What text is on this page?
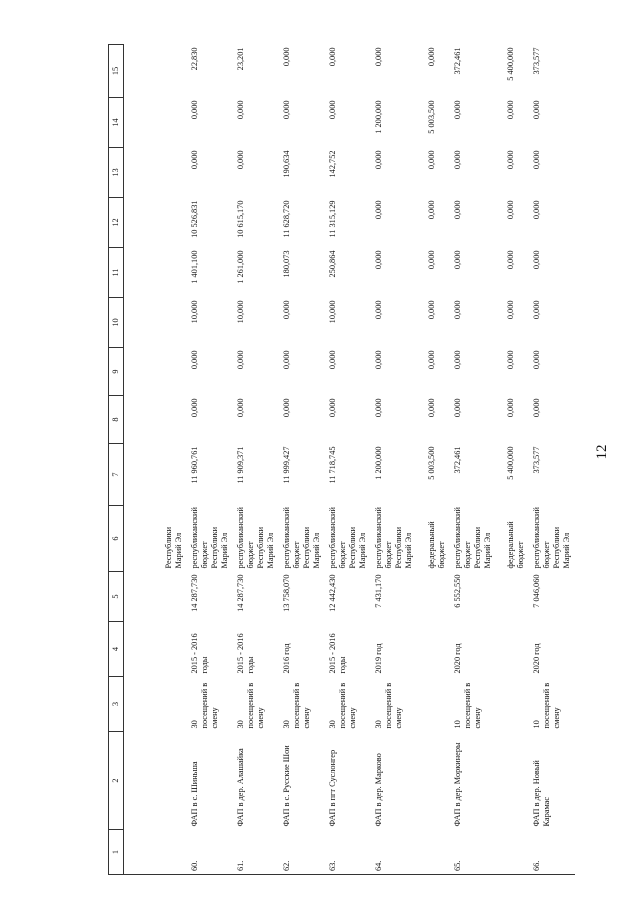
12
1	2	3	4	5	6	7	8	9	10	11	12	13	14	15
					Республики Марий Эл									
60.	ФАП в с. Шиньша	30 посещений в смену	2015 - 2016 годы	14 287,730	республиканский бюджет Республики Марий Эл	11 960,761	0,000	0,000	10,000	1 401,100	10 526,831	0,000	0,000	22,830
61.	ФАП в дер. Алашайка	30 посещений в смену	2015 - 2016 годы	14 287,730	республиканский бюджет Республики Марий Эл	11 909,371	0,000	0,000	10,000	1 261,000	10 615,170	0,000	0,000	23,201
62.	ФАП в с. Русские Шои	30 посещений в смену	2016 год	13 758,070	республиканский бюджет Республики Марий Эл	11 999,427	0,000	0,000	0,000	180,073	11 628,720	190,634	0,000	0,000
63.	ФАП в пгт Суслонгер	30 посещений в смену	2015 - 2016 годы	12 442,430	республиканский бюджет Республики Марий Эл	11 718,745	0,000	0,000	10,000	250,864	11 315,129	142,752	0,000	0,000
64.	ФАП в дер. Марково	30 посещений в смену	2019 год	7 431,170	республиканский бюджет Республики Марий Эл	1 200,000	0,000	0,000	0,000	0,000	0,000	0,000	1 200,000	0,000
					федеральный бюджет	5 003,500	0,000	0,000	0,000	0,000	0,000	0,000	5 003,500	0,000
65.	ФАП в дер. Моркинеры	10 посещений в смену	2020 год	6 552,550	республиканский бюджет Республики Марий Эл	372,461	0,000	0,000	0,000	0,000	0,000	0,000	0,000	372,461
					федеральный бюджет	5 400,000	0,000	0,000	0,000	0,000	0,000	0,000	0,000	5 400,000
66.	ФАП в дер. Новый Карамас	10 посещений в смену	2020 год	7 046,060	республиканский бюджет Республики Марий Эл	373,577	0,000	0,000	0,000	0,000	0,000	0,000	0,000	373,577
